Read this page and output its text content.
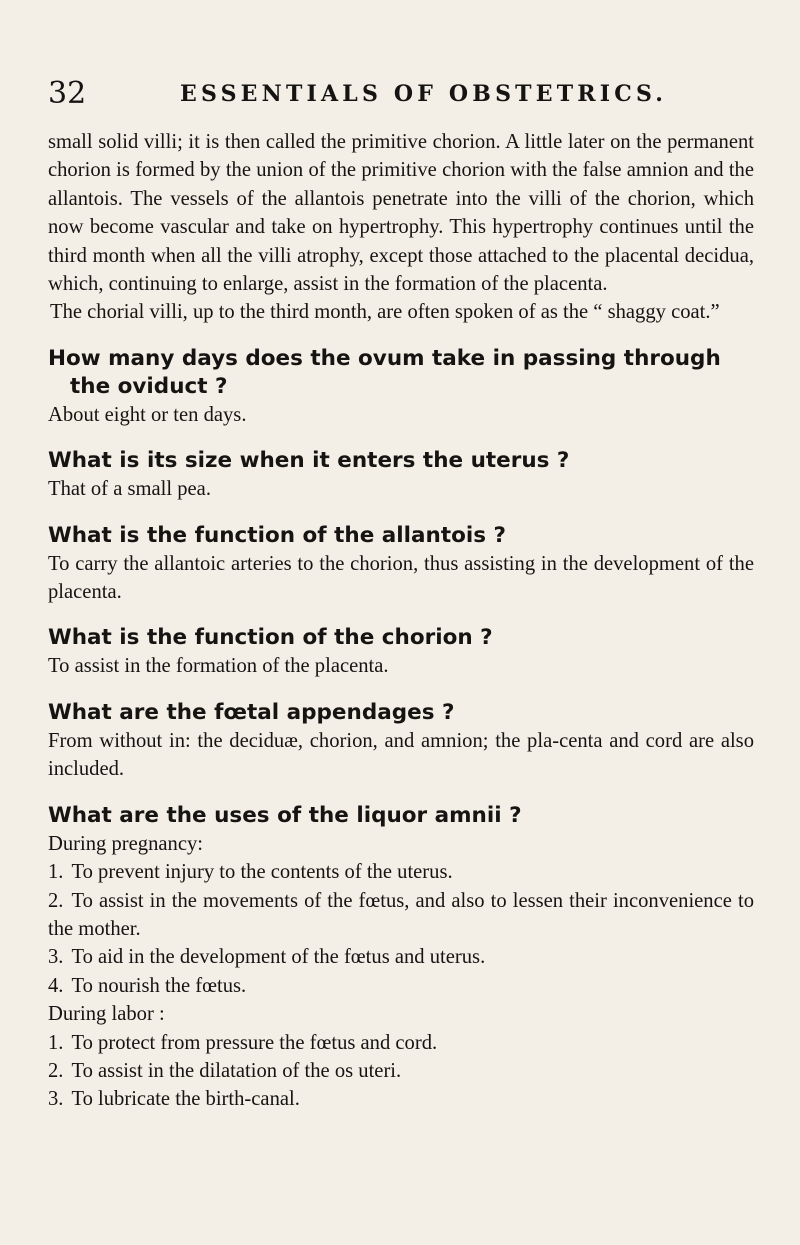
32	ESSENTIALS OF OBSTETRICS.

small solid villi; it is then called the primitive chorion. A little later on the permanent chorion is formed by the union of the primitive chorion with the false amnion and the allantois. The vessels of the allantois penetrate into the villi of the chorion, which now become vascular and take on hypertrophy. This hypertrophy continues until the third month when all the villi atrophy, except those attached to the placental decidua, which, continuing to enlarge, assist in the formation of the placenta.

The chorial villi, up to the third month, are often spoken of as the “ shaggy coat.”

How many days does the ovum take in passing through the oviduct ?

About eight or ten days.

What is its size when it enters the uterus ?

That of a small pea.

What is the function of the allantois ?

To carry the allantoic arteries to the chorion, thus assisting in the development of the placenta.

What is the function of the chorion ?

To assist in the formation of the placenta.

What are the fœtal appendages ?

From without in: the deciduæ, chorion, and amnion; the pla-centa and cord are also included.

What are the uses of the liquor amnii ?

During pregnancy:

1. To prevent injury to the contents of the uterus.

2. To assist in the movements of the fœtus, and also to lessen their inconvenience to the mother.

3. To aid in the development of the fœtus and uterus.

4. To nourish the fœtus.

During labor :

1. To protect from pressure the fœtus and cord.

2. To assist in the dilatation of the os uteri.

3. To lubricate the birth-canal.
